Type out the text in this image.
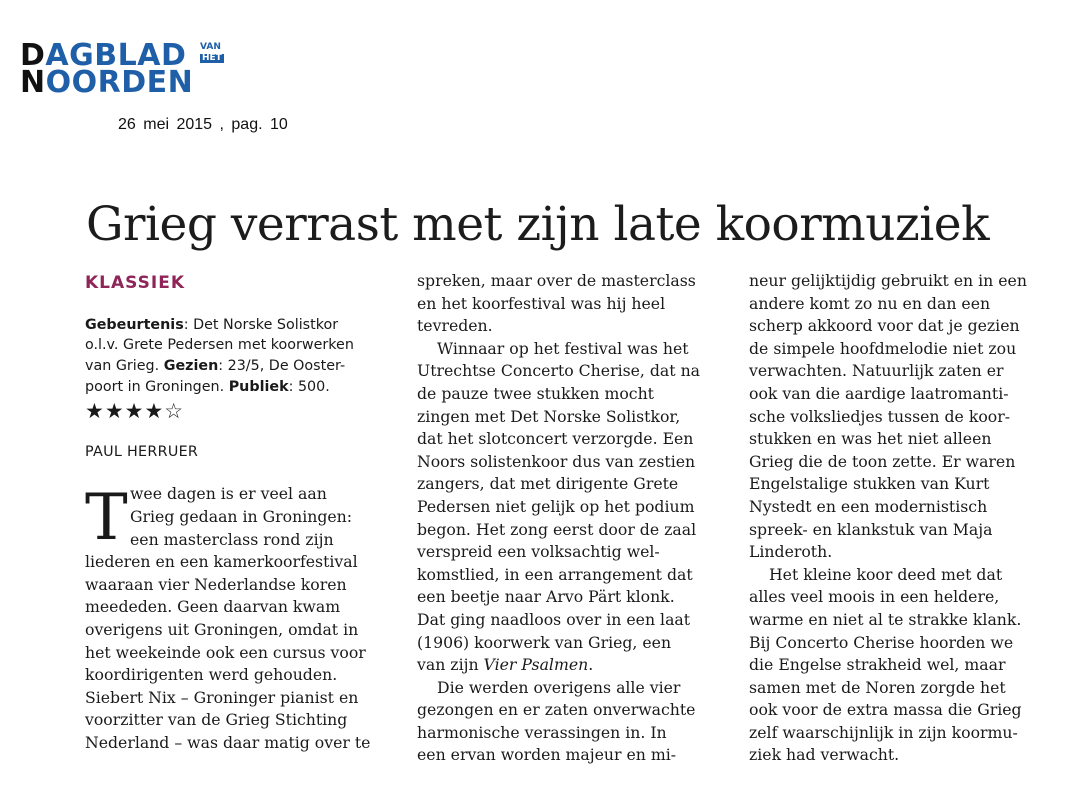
DAGBLAD
NOORDEN
VAN
HET
26 mei 2015 , pag. 10
Grieg verrast met zijn late koormuziek
KLASSIEK
Gebeurtenis: Det Norske Solistkor
o.l.v. Grete Pedersen met koorwerken
van Grieg. Gezien: 23/5, De Ooster-
poort in Groningen. Publiek: 500.
★★★★☆
PAUL HERRUER
T wee dagen is er veel aan
Grieg gedaan in Groningen:
een masterclass rond zijn
liederen en een kamerkoorfestival
waaraan vier Nederlandse koren
meededen. Geen daarvan kwam
overigens uit Groningen, omdat in
het weekeinde ook een cursus voor
koordirigenten werd gehouden.
Siebert Nix – Groninger pianist en
voorzitter van de Grieg Stichting
Nederland – was daar matig over te
spreken, maar over de masterclass
en het koorfestival was hij heel
tevreden.
Winnaar op het festival was het
Utrechtse Concerto Cherise, dat na
de pauze twee stukken mocht
zingen met Det Norske Solistkor,
dat het slotconcert verzorgde. Een
Noors solistenkoor dus van zestien
zangers, dat met dirigente Grete
Pedersen niet gelijk op het podium
begon. Het zong eerst door de zaal
verspreid een volksachtig wel-
komstlied, in een arrangement dat
een beetje naar Arvo Pärt klonk.
Dat ging naadloos over in een laat
(1906) koorwerk van Grieg, een
van zijn Vier Psalmen.
Die werden overigens alle vier
gezongen en er zaten onverwachte
harmonische verassingen in. In
een ervan worden majeur en mi-
neur gelijktijdig gebruikt en in een
andere komt zo nu en dan een
scherp akkoord voor dat je gezien
de simpele hoofdmelodie niet zou
verwachten. Natuurlijk zaten er
ook van die aardige laatromanti-
sche volksliedjes tussen de koor-
stukken en was het niet alleen
Grieg die de toon zette. Er waren
Engelstalige stukken van Kurt
Nystedt en een modernistisch
spreek- en klankstuk van Maja
Linderoth.
Het kleine koor deed met dat
alles veel moois in een heldere,
warme en niet al te strakke klank.
Bij Concerto Cherise hoorden we
die Engelse strakheid wel, maar
samen met de Noren zorgde het
ook voor de extra massa die Grieg
zelf waarschijnlijk in zijn koormu-
ziek had verwacht.
